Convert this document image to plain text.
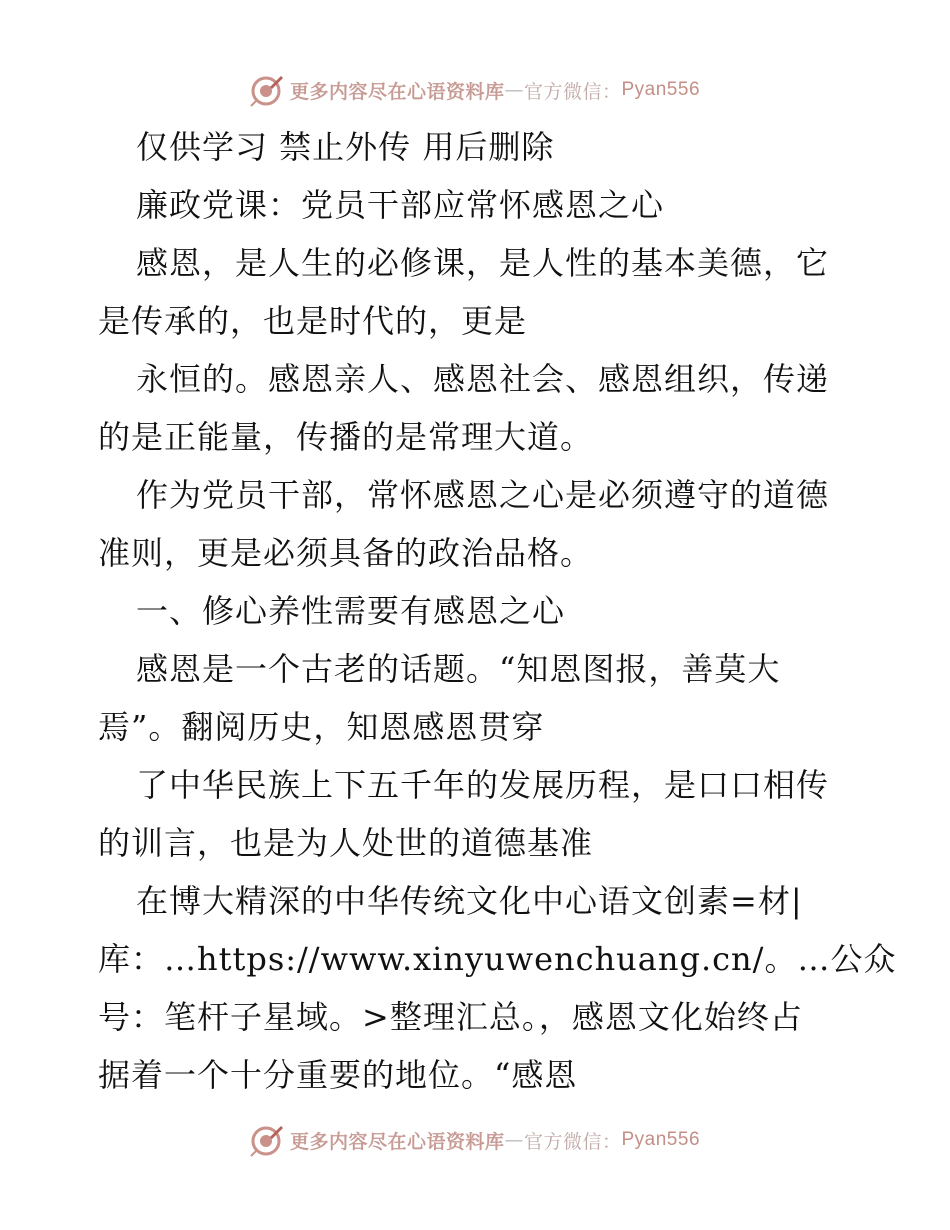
更多内容尽在心语资料库 — 官方微信： Pyan556
仅供学习 禁止外传 用后删除
廉政党课：党员干部应常怀感恩之心
感恩，是人生的必修课，是人性的基本美德，它
是传承的，也是时代的，更是
永恒的。感恩亲人、感恩社会、感恩组织，传递
的是正能量，传播的是常理大道。
作为党员干部，常怀感恩之心是必须遵守的道德
准则，更是必须具备的政治品格。
一、修心养性需要有感恩之心
感恩是一个古老的话题。“知恩图报，善莫大
焉”。翻阅历史，知恩感恩贯穿
了中华民族上下五千年的发展历程，是口口相传
的训言，也是为人处世的道德基准
在博大精深的中华传统文化中心语文创素=材|
库：…https://www.xinyuwenchuang.cn/。…公众
号：笔杆子星域。>整理汇总。，感恩文化始终占
据着一个十分重要的地位。“感恩
更多内容尽在心语资料库 — 官方微信： Pyan556
